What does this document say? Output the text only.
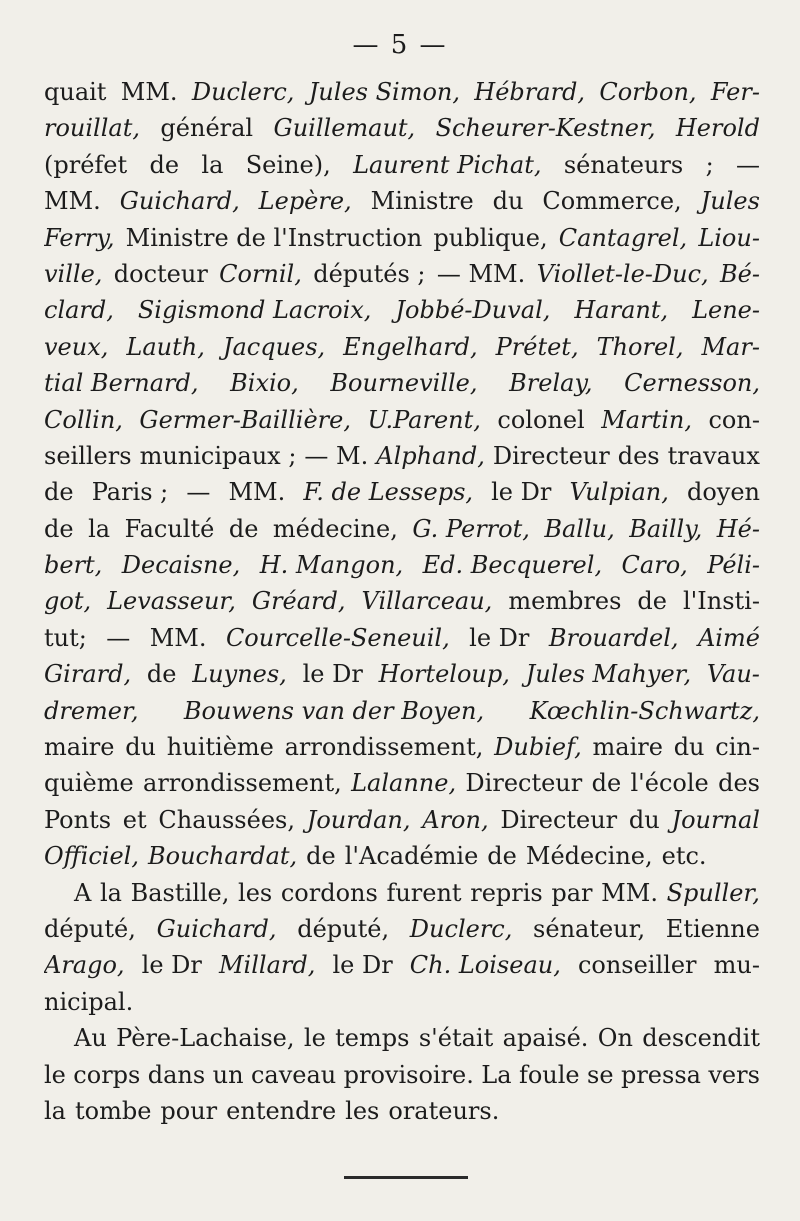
— 5 —
quait MM. Duclerc, Jules Simon, Hébrard, Corbon, Fer-
rouillat, général Guillemaut, Scheurer-Kestner, Herold
(préfet de la Seine), Laurent Pichat, sénateurs ; —
MM. Guichard, Lepère, Ministre du Commerce, Jules
Ferry, Ministre de l'Instruction publique, Cantagrel, Liou-
ville, docteur Cornil, députés ; — MM. Viollet-le-Duc, Bé-
clard, Sigismond Lacroix, Jobbé-Duval, Harant, Lene-
veux, Lauth, Jacques, Engelhard, Prétet, Thorel, Mar-
tial Bernard, Bixio, Bourneville, Brelay, Cernesson,
Collin, Germer-Baillière, U.Parent, colonel Martin, con-
seillers municipaux ; — M. Alphand, Directeur des travaux
de Paris ; — MM. F. de Lesseps, le Dr Vulpian, doyen
de la Faculté de médecine, G. Perrot, Ballu, Bailly, Hé-
bert, Decaisne, H. Mangon, Ed. Becquerel, Caro, Péli-
got, Levasseur, Gréard, Villarceau, membres de l'Insti-
tut; — MM. Courcelle-Seneuil, le Dr Brouardel, Aimé
Girard, de Luynes, le Dr Horteloup, Jules Mahyer, Vau-
dremer, Bouwens van der Boyen, Kœchlin-Schwartz,
maire du huitième arrondissement, Dubief, maire du cin-
quième arrondissement, Lalanne, Directeur de l'école des
Ponts et Chaussées, Jourdan, Aron, Directeur du Journal
Officiel, Bouchardat, de l'Académie de Médecine, etc.
A la Bastille, les cordons furent repris par MM. Spuller,
député, Guichard, député, Duclerc, sénateur, Etienne
Arago, le Dr Millard, le Dr Ch. Loiseau, conseiller mu-
nicipal.
Au Père-Lachaise, le temps s'était apaisé. On descendit
le corps dans un caveau provisoire. La foule se pressa vers
la tombe pour entendre les orateurs.
